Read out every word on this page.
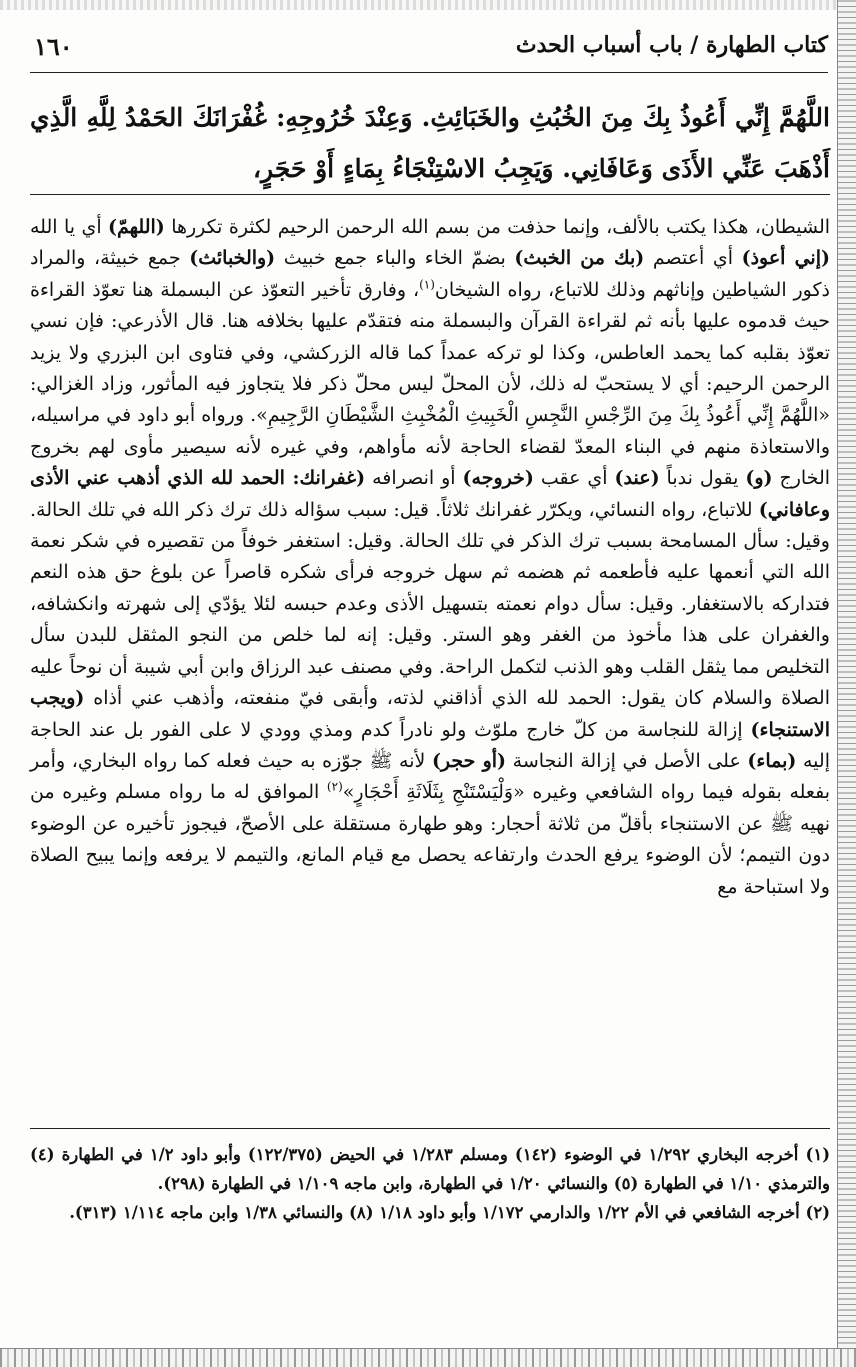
كتاب الطهارة / باب أسباب الحدث
١٦٠
اللَّهُمَّ إِنِّي أَعُوذُ بِكَ مِنَ الخُبُثِ والخَبَائِثِ. وَعِنْدَ خُرُوجِهِ: غُفْرَانَكَ الحَمْدُ لِلَّهِ الَّذِي أَذْهَبَ عَنِّي الأَذَى وَعَافَانِي. وَيَجِبُ الاسْتِنْجَاءُ بِمَاءٍ أَوْ حَجَرٍ،
الشيطان، هكذا يكتب بالألف، وإنما حذفت من بسم الله الرحمن الرحيم لكثرة تكررها (اللهمّ) أي يا الله (إني أعوذ) أي أعتصم (بك من الخبث) بضمّ الخاء والباء جمع خبيث (والخبائث) جمع خبيثة، والمراد ذكور الشياطين وإناثهم وذلك للاتباع، رواه الشيخان$^{(١)}$، وفارق تأخير التعوّذ عن البسملة هنا تعوّذ القراءة حيث قدموه عليها بأنه ثم لقراءة القرآن والبسملة منه فتقدّم عليها بخلافه هنا. قال الأذرعي: فإن نسي تعوّذ بقلبه كما يحمد العاطس، وكذا لو تركه عمداً كما قاله الزركشي، وفي فتاوى ابن البزري ولا يزيد الرحمن الرحيم: أي لا يستحبّ له ذلك، لأن المحلّ ليس محلّ ذكر فلا يتجاوز فيه المأثور، وزاد الغزالي: «اللَّهُمَّ إِنِّي أَعُوذُ بِكَ مِنَ الرِّجْسِ النَّجِسِ الْخَبِيثِ الْمُخْبِثِ الشَّيْطَانِ الرَّجِيمِ». ورواه أبو داود في مراسيله، والاستعاذة منهم في البناء المعدّ لقضاء الحاجة لأنه مأواهم، وفي غيره لأنه سيصير مأوى لهم بخروج الخارج (و) يقول ندباً (عند) أي عقب (خروجه) أو انصرافه (غفرانك: الحمد لله الذي أذهب عني الأذى وعافاني) للاتباع، رواه النسائي، ويكرّر غفرانك ثلاثاً. قيل: سبب سؤاله ذلك ترك ذكر الله في تلك الحالة. وقيل: سأل المسامحة بسبب ترك الذكر في تلك الحالة. وقيل: استغفر خوفاً من تقصيره في شكر نعمة الله التي أنعمها عليه فأطعمه ثم هضمه ثم سهل خروجه فرأى شكره قاصراً عن بلوغ حق هذه النعم فتداركه بالاستغفار. وقيل: سأل دوام نعمته بتسهيل الأذى وعدم حبسه لئلا يؤدّي إلى شهرته وانكشافه، والغفران على هذا مأخوذ من الغفر وهو الستر. وقيل: إنه لما خلص من النجو المثقل للبدن سأل التخليص مما يثقل القلب وهو الذنب لتكمل الراحة. وفي مصنف عبد الرزاق وابن أبي شيبة أن نوحاً عليه الصلاة والسلام كان يقول: الحمد لله الذي أذاقني لذته، وأبقى فيّ منفعته، وأذهب عني أذاه (ويجب الاستنجاء) إزالة للنجاسة من كلّ خارج ملوّث ولو نادراً كدم ومذي وودي لا على الفور بل عند الحاجة إليه (بماء) على الأصل في إزالة النجاسة (أو حجر) لأنه ﷺ جوّزه به حيث فعله كما رواه البخاري، وأمر بفعله بقوله فيما رواه الشافعي وغيره «وَلْيَسْتَنْجِ بِثَلَاثَةِ أَحْجَارٍ»$^{(٢)}$ الموافق له ما رواه مسلم وغيره من نهيه ﷺ عن الاستنجاء بأقلّ من ثلاثة أحجار: وهو طهارة مستقلة على الأصحّ، فيجوز تأخيره عن الوضوء دون التيمم؛ لأن الوضوء يرفع الحدث وارتفاعه يحصل مع قيام المانع، والتيمم لا يرفعه وإنما يبيح الصلاة ولا استباحة مع
(١) أخرجه البخاري ١/٢٩٢ في الوضوء (١٤٢) ومسلم ١/٢٨٣ في الحيض (١٢٢/٣٧٥) وأبو داود ١/٢ في الطهارة (٤) والترمذي ١/١٠ في الطهارة (٥) والنسائي ١/٢٠ في الطهارة، وابن ماجه ١/١٠٩ في الطهارة (٢٩٨).
(٢) أخرجه الشافعي في الأم ١/٢٢ والدارمي ١/١٧٢ وأبو داود ١/١٨ (٨) والنسائي ١/٣٨ وابن ماجه ١/١١٤ (٣١٣).
